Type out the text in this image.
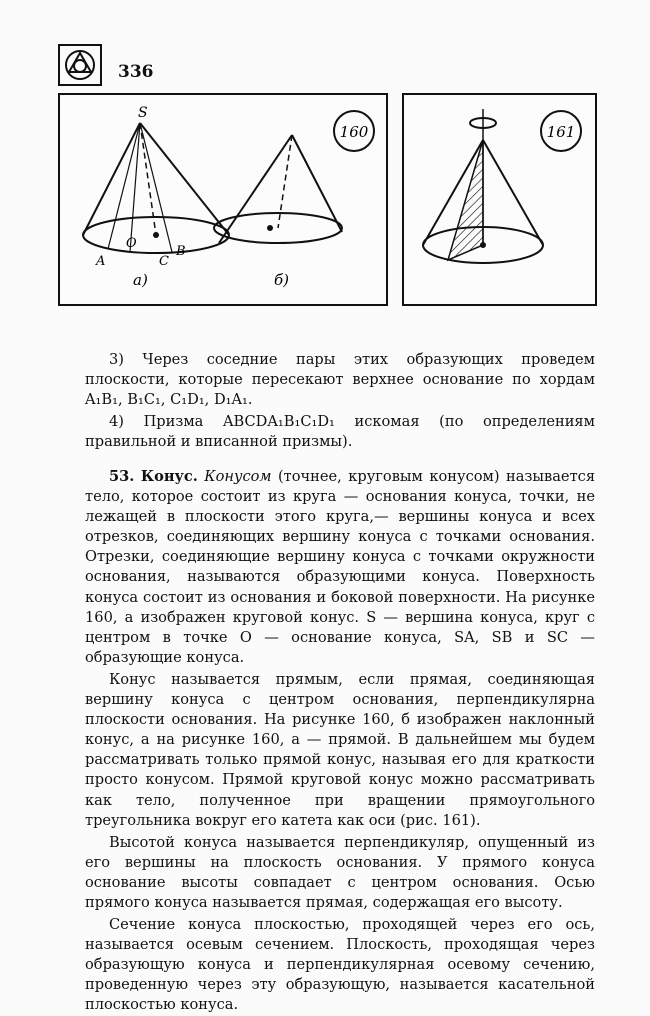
336
160
S
O
A	C
B
а)	б)
161

3) Через соседние пары этих образующих проведем плоскости, которые пересекают верхнее основание по хордам A₁B₁, B₁C₁, C₁D₁, D₁A₁.

4) Призма ABCDA₁B₁C₁D₁ искомая (по определениям правильной и вписанной призмы).

53. Конус. Конусом (точнее, круговым конусом) называется тело, которое состоит из круга — основания конуса, точки, не лежащей в плоскости этого круга,— вершины конуса и всех отрезков, соединяющих вершину конуса с точками основания. Отрезки, соединяющие вершину конуса с точками окружности основания, называются образующими конуса. Поверхность конуса состоит из основания и боковой поверхности. На рисунке 160, а изображен круговой конус. S — вершина конуса, круг с центром в точке O — основание конуса, SA, SB и SC — образующие конуса.

Конус называется прямым, если прямая, соединяющая вершину конуса с центром основания, перпендикулярна плоскости основания. На рисунке 160, б изображен наклонный конус, а на рисунке 160, а — прямой. В дальнейшем мы будем рассматривать только прямой конус, называя его для краткости просто конусом. Прямой круговой конус можно рассматривать как тело, полученное при вращении прямоугольного треугольника вокруг его катета как оси (рис. 161).

Высотой конуса называется перпендикуляр, опущенный из его вершины на плоскость основания. У прямого конуса основание высоты совпадает с центром основания. Осью прямого конуса называется прямая, содержащая его высоту.

Сечение конуса плоскостью, проходящей через его ось, называется осевым сечением. Плоскость, проходящая через образующую конуса и перпендикулярная осевому сечению, проведенную через эту образующую, называется касательной плоскостью конуса.
